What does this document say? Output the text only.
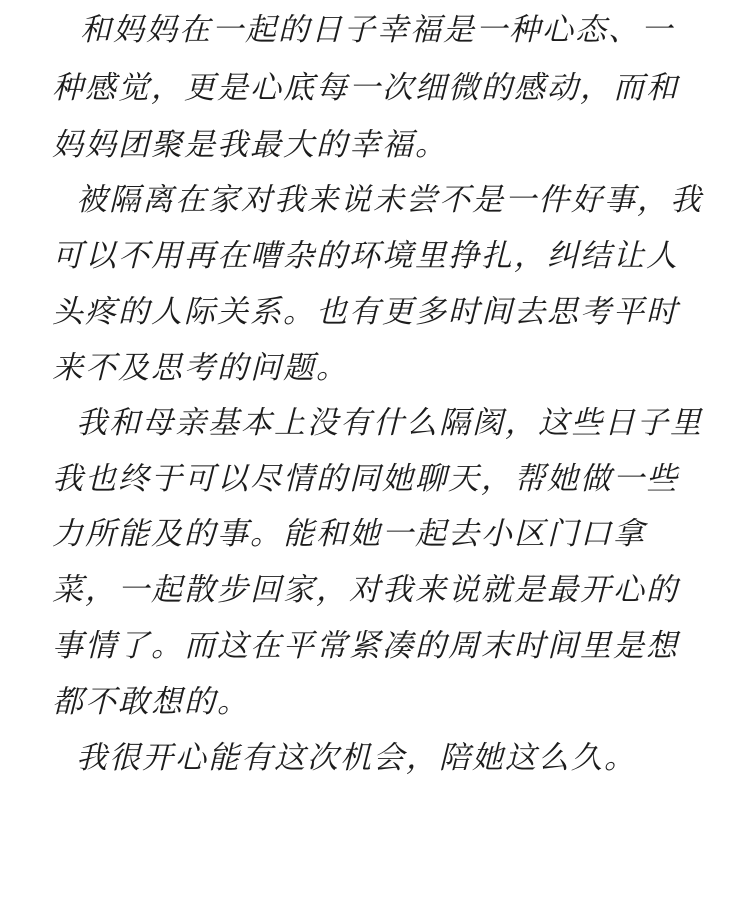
和妈妈在一起的日子幸福是一种心态、一
种感觉，更是心底每一次细微的感动，而和
妈妈团聚是我最大的幸福。
被隔离在家对我来说未尝不是一件好事，我
可以不用再在嘈杂的环境里挣扎，纠结让人
头疼的人际关系。也有更多时间去思考平时
来不及思考的问题。
我和母亲基本上没有什么隔阂，这些日子里
我也终于可以尽情的同她聊天，帮她做一些
力所能及的事。能和她一起去小区门口拿
菜，一起散步回家，对我来说就是最开心的
事情了。而这在平常紧凑的周末时间里是想
都不敢想的。
我很开心能有这次机会，陪她这么久。
